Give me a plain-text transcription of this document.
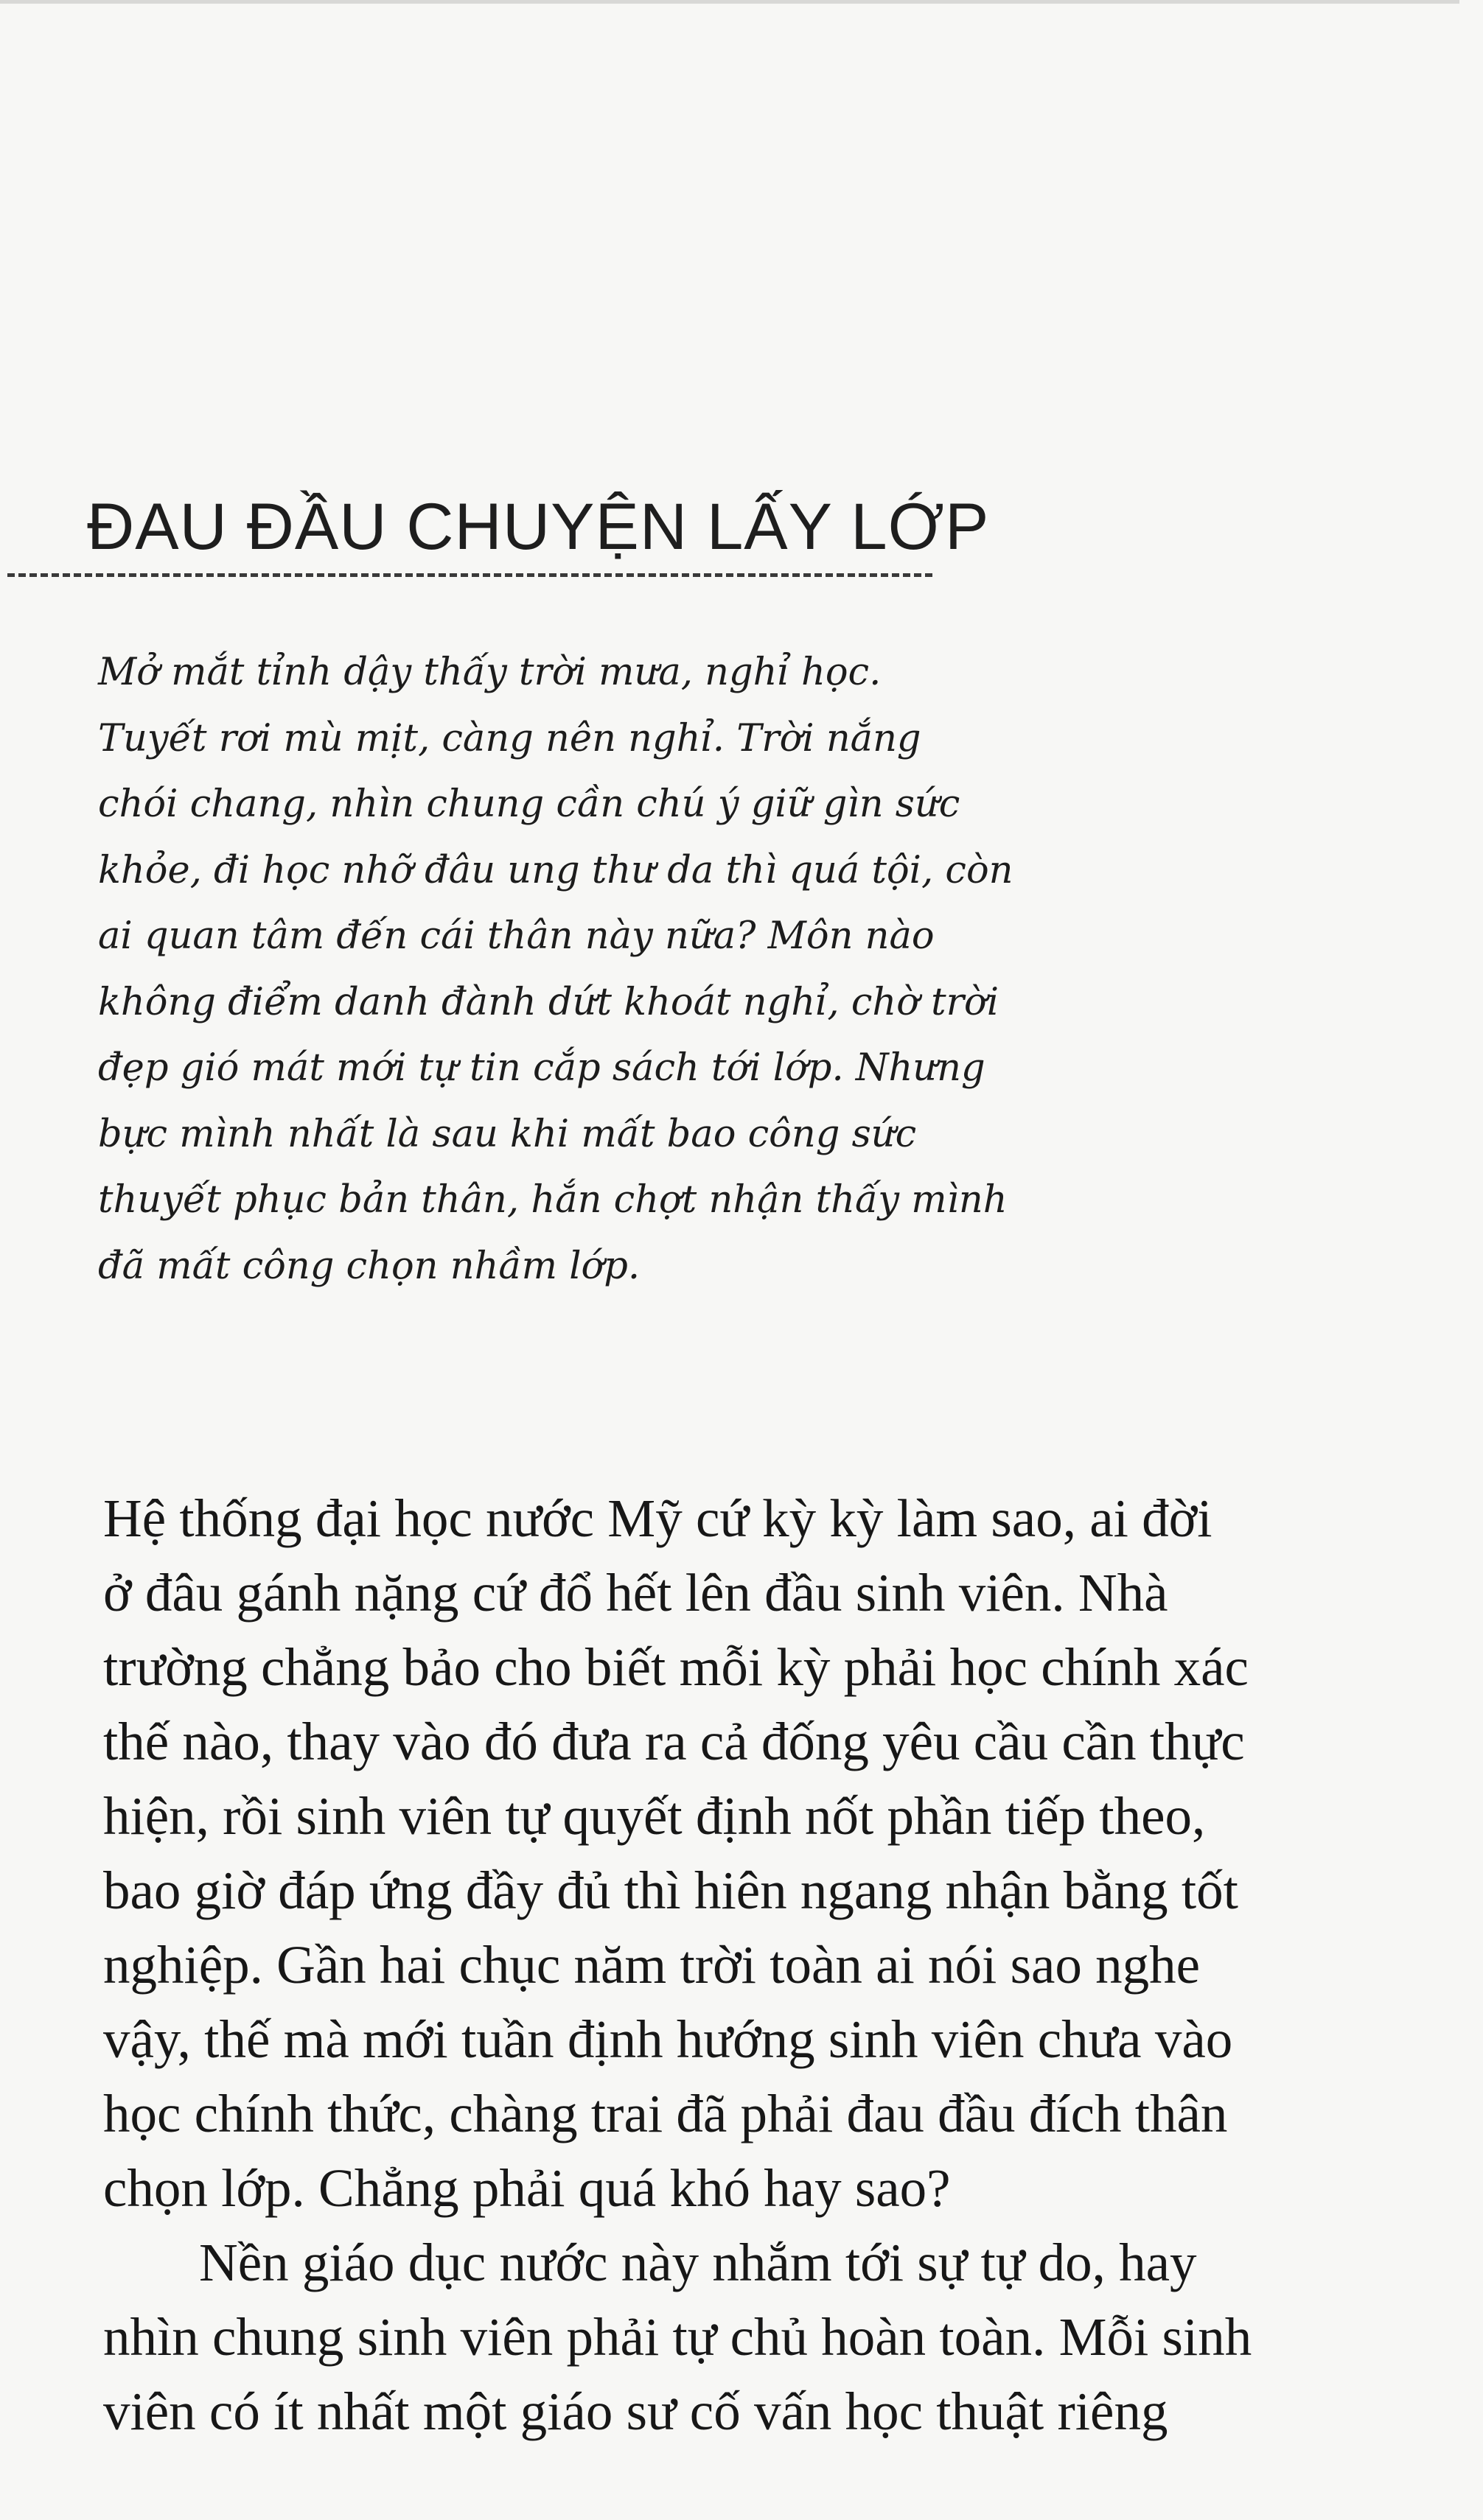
ĐAU ĐẦU CHUYỆN LẤY LỚP
Mở mắt tỉnh dậy thấy trời mưa, nghỉ học.
Tuyết rơi mù mịt, càng nên nghỉ. Trời nắng
chói chang, nhìn chung cần chú ý giữ gìn sức
khỏe, đi học nhỡ đâu ung thư da thì quá tội, còn
ai quan tâm đến cái thân này nữa? Môn nào
không điểm danh đành dứt khoát nghỉ, chờ trời
đẹp gió mát mới tự tin cắp sách tới lớp. Nhưng
bực mình nhất là sau khi mất bao công sức
thuyết phục bản thân, hắn chợt nhận thấy mình
đã mất công chọn nhầm lớp.
Hệ thống đại học nước Mỹ cứ kỳ kỳ làm sao, ai đời
ở đâu gánh nặng cứ đổ hết lên đầu sinh viên. Nhà
trường chẳng bảo cho biết mỗi kỳ phải học chính xác
thế nào, thay vào đó đưa ra cả đống yêu cầu cần thực
hiện, rồi sinh viên tự quyết định nốt phần tiếp theo,
bao giờ đáp ứng đầy đủ thì hiên ngang nhận bằng tốt
nghiệp. Gần hai chục năm trời toàn ai nói sao nghe
vậy, thế mà mới tuần định hướng sinh viên chưa vào
học chính thức, chàng trai đã phải đau đầu đích thân
chọn lớp. Chẳng phải quá khó hay sao?
Nền giáo dục nước này nhắm tới sự tự do, hay
nhìn chung sinh viên phải tự chủ hoàn toàn. Mỗi sinh
viên có ít nhất một giáo sư cố vấn học thuật riêng
